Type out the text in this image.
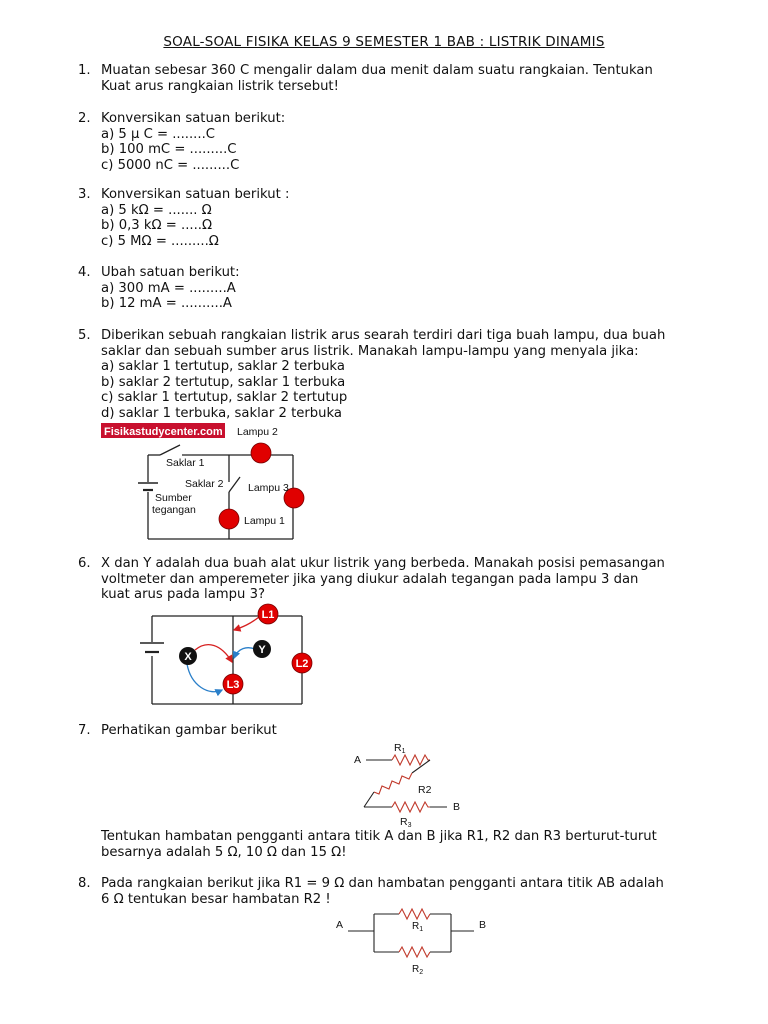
SOAL-SOAL FISIKA KELAS 9 SEMESTER 1 BAB : LISTRIK DINAMIS
1. Muatan sebesar 360 C mengalir dalam dua menit dalam suatu rangkaian. Tentukan
Kuat arus rangkaian listrik tersebut!
2. Konversikan satuan berikut:
a) 5 μ C = ........C
b) 100 mC = .........C
c) 5000 nC = .........C
3. Konversikan satuan berikut :
a) 5 kΩ = ....... Ω
b) 0,3 kΩ = .....Ω
c) 5 MΩ = .........Ω
4. Ubah satuan berikut:
a) 300 mA = .........A
b) 12 mA = ..........A
5. Diberikan sebuah rangkaian listrik arus searah terdiri dari tiga buah lampu, dua buah
saklar dan sebuah sumber arus listrik. Manakah lampu-lampu yang menyala jika:
a) saklar 1 tertutup, saklar 2 terbuka
b) saklar 2 tertutup, saklar 1 terbuka
c) saklar 1 tertutup, saklar 2 tertutup
d) saklar 1 terbuka, saklar 2 terbuka
Fisikastudycenter.com Lampu 2
Saklar 1
Saklar 2 Lampu 3
Sumber
tegangan
Lampu 1
6. X dan Y adalah dua buah alat ukur listrik yang berbeda. Manakah posisi pemasangan
voltmeter dan amperemeter jika yang diukur adalah tegangan pada lampu 3 dan
kuat arus pada lampu 3?
X
Y
L1
L2
L3
7. Perhatikan gambar berikut
A
R1
R2
B
R3
Tentukan hambatan pengganti antara titik A dan B jika R1, R2 dan R3 berturut-turut
besarnya adalah 5 Ω, 10 Ω dan 15 Ω!
8. Pada rangkaian berikut jika R1 = 9 Ω dan hambatan pengganti antara titik AB adalah
6 Ω tentukan besar hambatan R2 !
A	B
$R_1$
$R_2$
